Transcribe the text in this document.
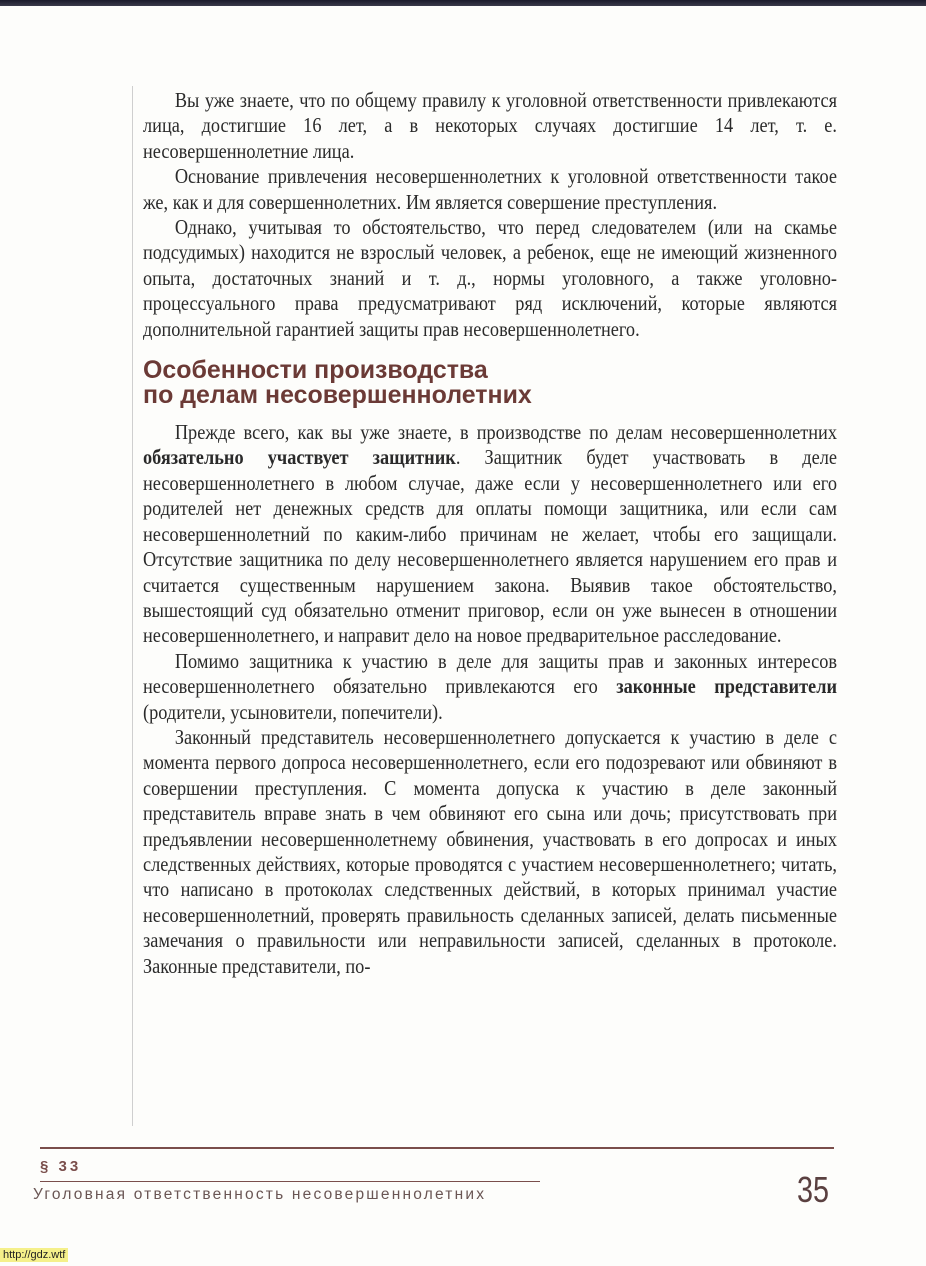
Вы уже знаете, что по общему правилу к уголовной ответственности привлекаются лица, достигшие 16 лет, а в некоторых случаях достигшие 14 лет, т. е. несовершеннолетние лица.

Основание привлечения несовершеннолетних к уголовной ответственности такое же, как и для совершеннолетних. Им является совершение преступления.

Однако, учитывая то обстоятельство, что перед следователем (или на скамье подсудимых) находится не взрослый человек, а ребенок, еще не имеющий жизненного опыта, достаточных знаний и т. д., нормы уголовного, а также уголовно-процессуального права предусматривают ряд исключений, которые являются дополнительной гарантией защиты прав несовершеннолетнего.

Особенности производства
по делам несовершеннолетних

Прежде всего, как вы уже знаете, в производстве по делам несовершеннолетних обязательно участвует защитник. Защитник будет участвовать в деле несовершеннолетнего в любом случае, даже если у несовершеннолетнего или его родителей нет денежных средств для оплаты помощи защитника, или если сам несовершеннолетний по каким-либо причинам не желает, чтобы его защищали. Отсутствие защитника по делу несовершеннолетнего является нарушением его прав и считается существенным нарушением закона. Выявив такое обстоятельство, вышестоящий суд обязательно отменит приговор, если он уже вынесен в отношении несовершеннолетнего, и направит дело на новое предварительное расследование.

Помимо защитника к участию в деле для защиты прав и законных интересов несовершеннолетнего обязательно привлекаются его законные представители (родители, усыновители, попечители).

Законный представитель несовершеннолетнего допускается к участию в деле с момента первого допроса несовершеннолетнего, если его подозревают или обвиняют в совершении преступления. С момента допуска к участию в деле законный представитель вправе знать в чем обвиняют его сына или дочь; присутствовать при предъявлении несовершеннолетнему обвинения, участвовать в его допросах и иных следственных действиях, которые проводятся с участием несовершеннолетнего; читать, что написано в протоколах следственных действий, в которых принимал участие несовершеннолетний, проверять правильность сделанных записей, делать письменные замечания о правильности или неправильности записей, сделанных в протоколе. Законные представители, по-

§ 33
Уголовная ответственность несовершеннолетних	35
http://gdz.wtf
